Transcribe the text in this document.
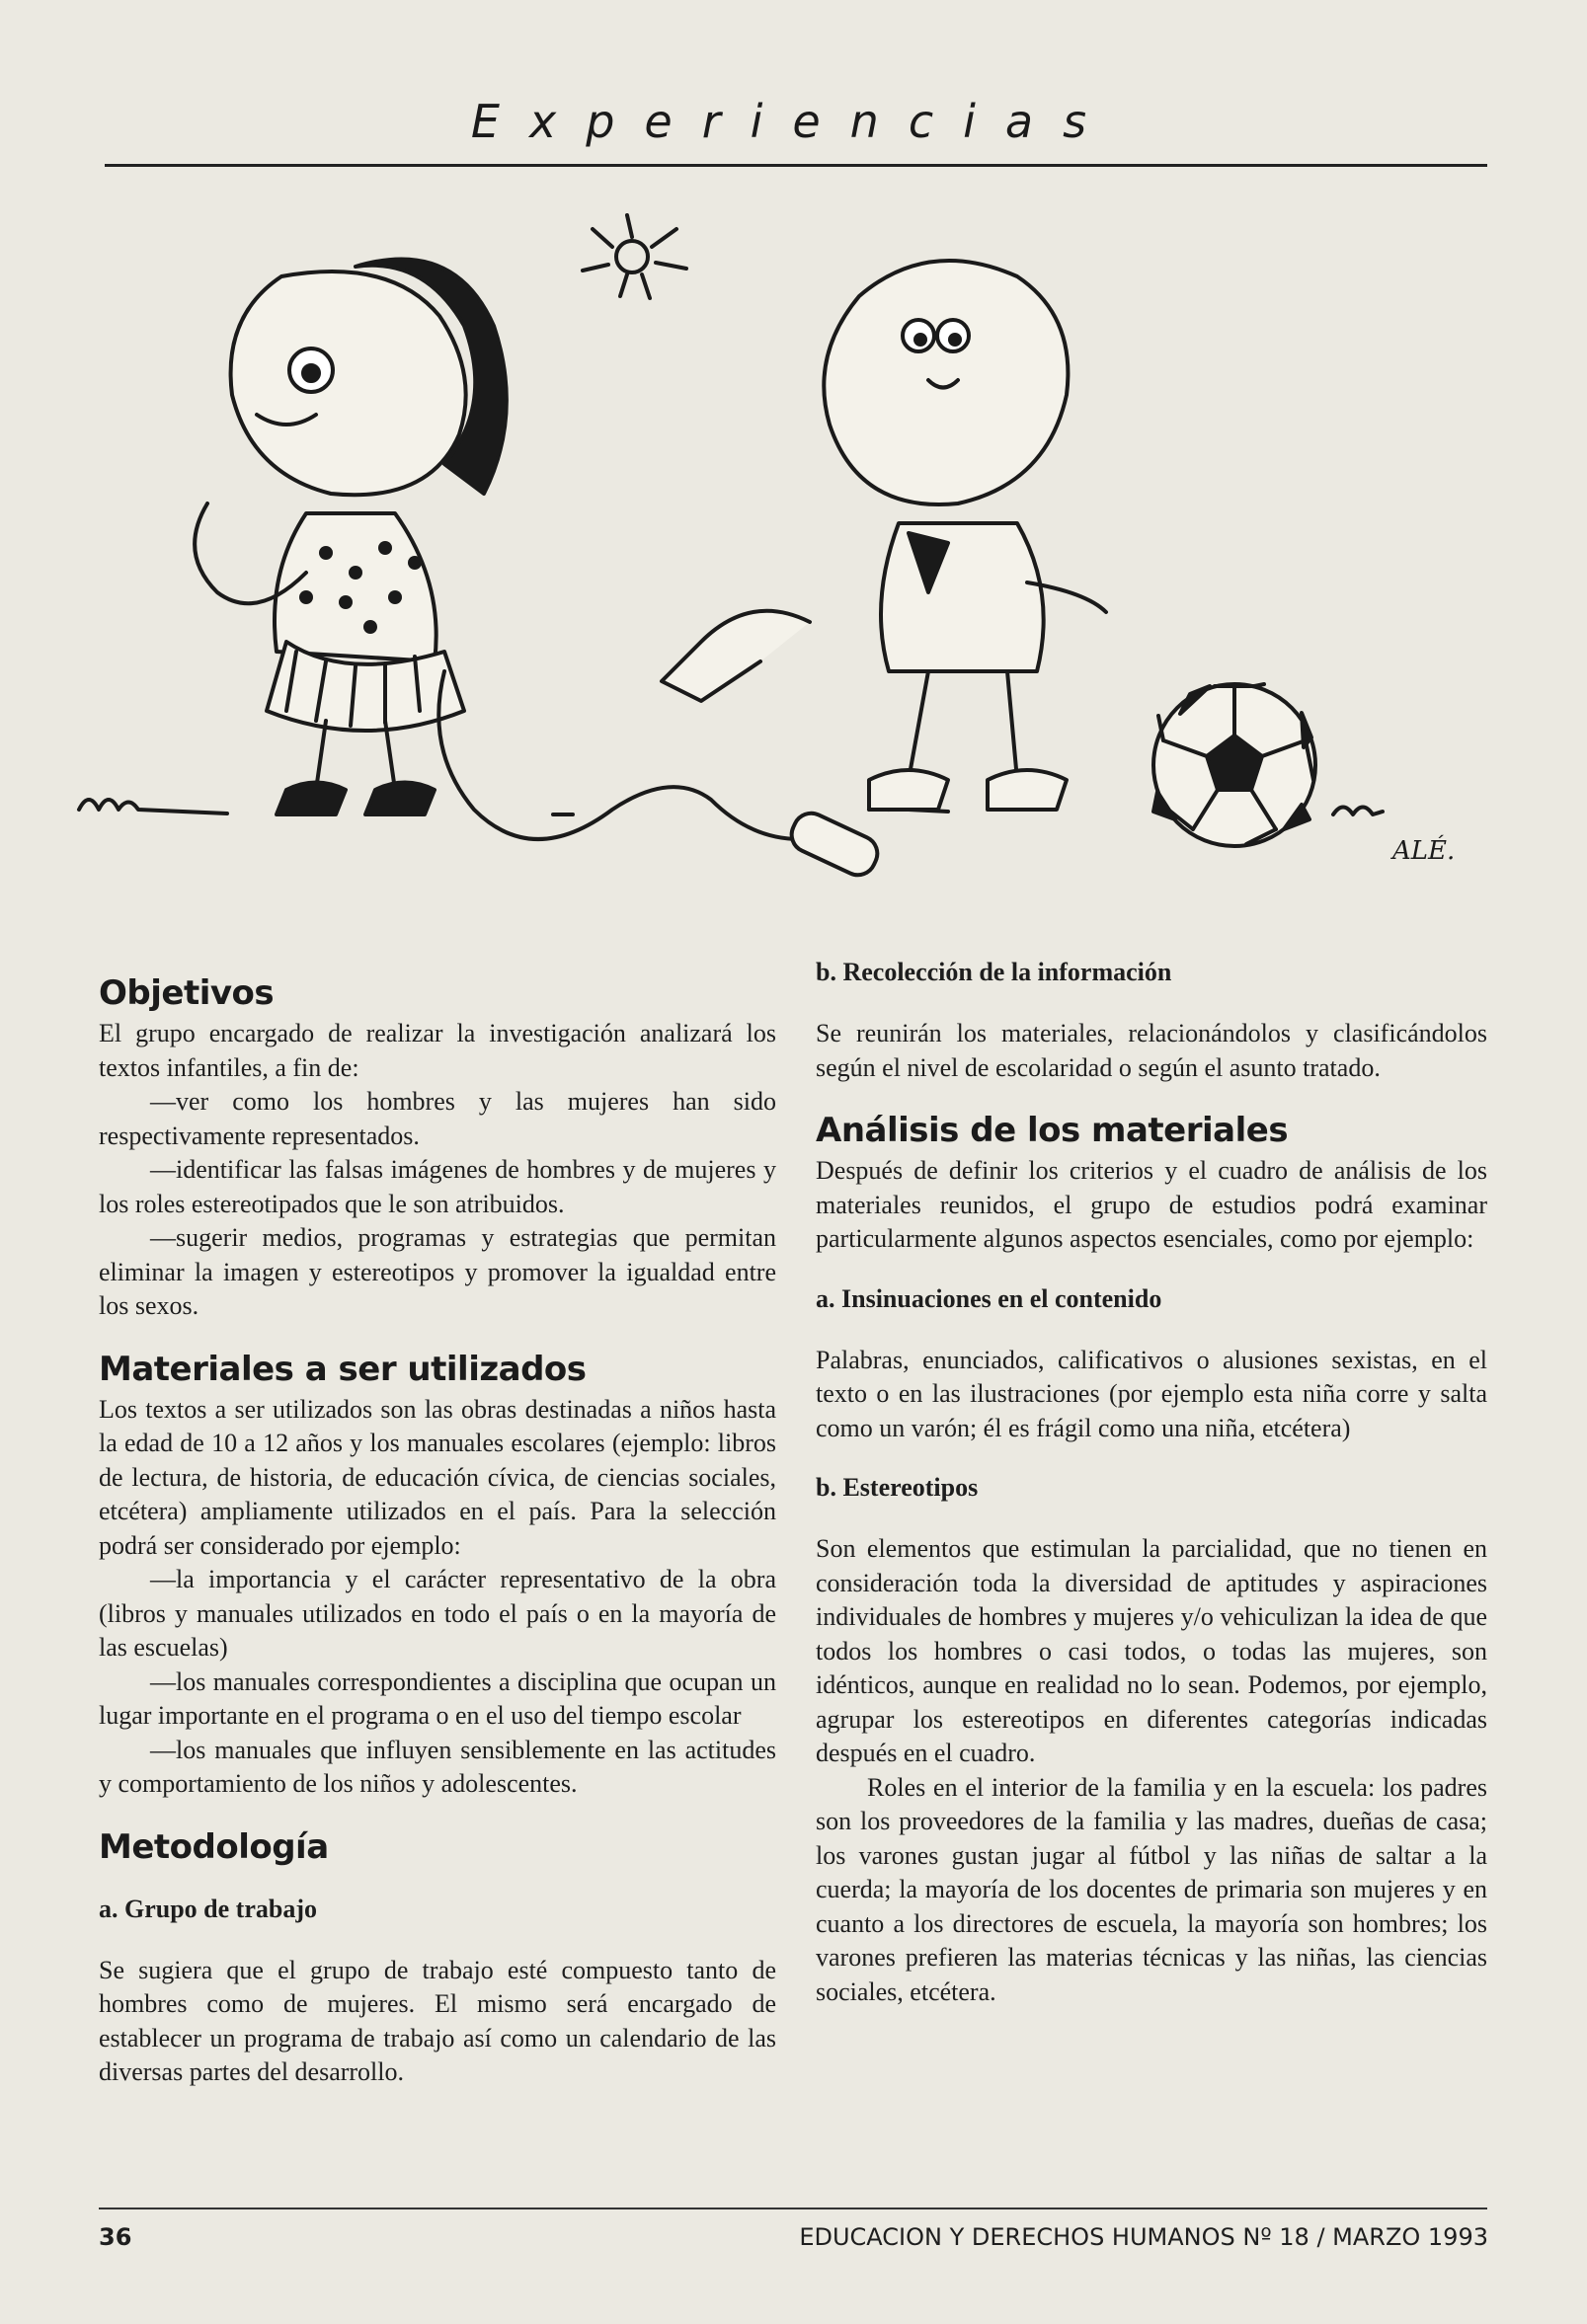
Experiencias
ALÉ.
Objetivos

El grupo encargado de realizar la investigación analizará los textos infantiles, a fin de:

—ver como los hombres y las mujeres han sido respectivamente representados.

—identificar las falsas imágenes de hombres y de mujeres y los roles estereotipados que le son atribuidos.

—sugerir medios, programas y estrategias que permitan eliminar la imagen y estereotipos y promover la igualdad entre los sexos.

Materiales a ser utilizados

Los textos a ser utilizados son las obras destinadas a niños hasta la edad de 10 a 12 años y los manuales escolares (ejemplo: libros de lectura, de historia, de educación cívica, de ciencias sociales, etcétera) ampliamente utilizados en el país. Para la selección podrá ser considerado por ejemplo:

—la importancia y el carácter representativo de la obra (libros y manuales utilizados en todo el país o en la mayoría de las escuelas)

—los manuales correspondientes a disciplina que ocupan un lugar importante en el programa o en el uso del tiempo escolar

—los manuales que influyen sensiblemente en las actitudes y comportamiento de los niños y adolescentes.

Metodología
a. Grupo de trabajo

Se sugiera que el grupo de trabajo esté compuesto tanto de hombres como de mujeres. El mismo será encargado de establecer un programa de trabajo así como un calendario de las diversas partes del desarrollo.

b. Recolección de la información

Se reunirán los materiales, relacionándolos y clasificándolos según el nivel de escolaridad o según el asunto tratado.

Análisis de los materiales

Después de definir los criterios y el cuadro de análisis de los materiales reunidos, el grupo de estudios podrá examinar particularmente algunos aspectos esenciales, como por ejemplo:

a. Insinuaciones en el contenido

Palabras, enunciados, calificativos o alusiones sexistas, en el texto o en las ilustraciones (por ejemplo esta niña corre y salta como un varón; él es frágil como una niña, etcétera)

b. Estereotipos

Son elementos que estimulan la parcialidad, que no tienen en consideración toda la diversidad de aptitudes y aspiraciones individuales de hombres y mujeres y/o vehiculizan la idea de que todos los hombres o casi todos, o todas las mujeres, son idénticos, aunque en realidad no lo sean. Podemos, por ejemplo, agrupar los estereotipos en diferentes categorías indicadas después en el cuadro.

Roles en el interior de la familia y en la escuela: los padres son los proveedores de la familia y las madres, dueñas de casa; los varones gustan jugar al fútbol y las niñas de saltar a la cuerda; la mayoría de los docentes de primaria son mujeres y en cuanto a los directores de escuela, la mayoría son hombres; los varones prefieren las materias técnicas y las niñas, las ciencias sociales, etcétera.

36	EDUCACION Y DERECHOS HUMANOS Nº 18 / MARZO 1993
